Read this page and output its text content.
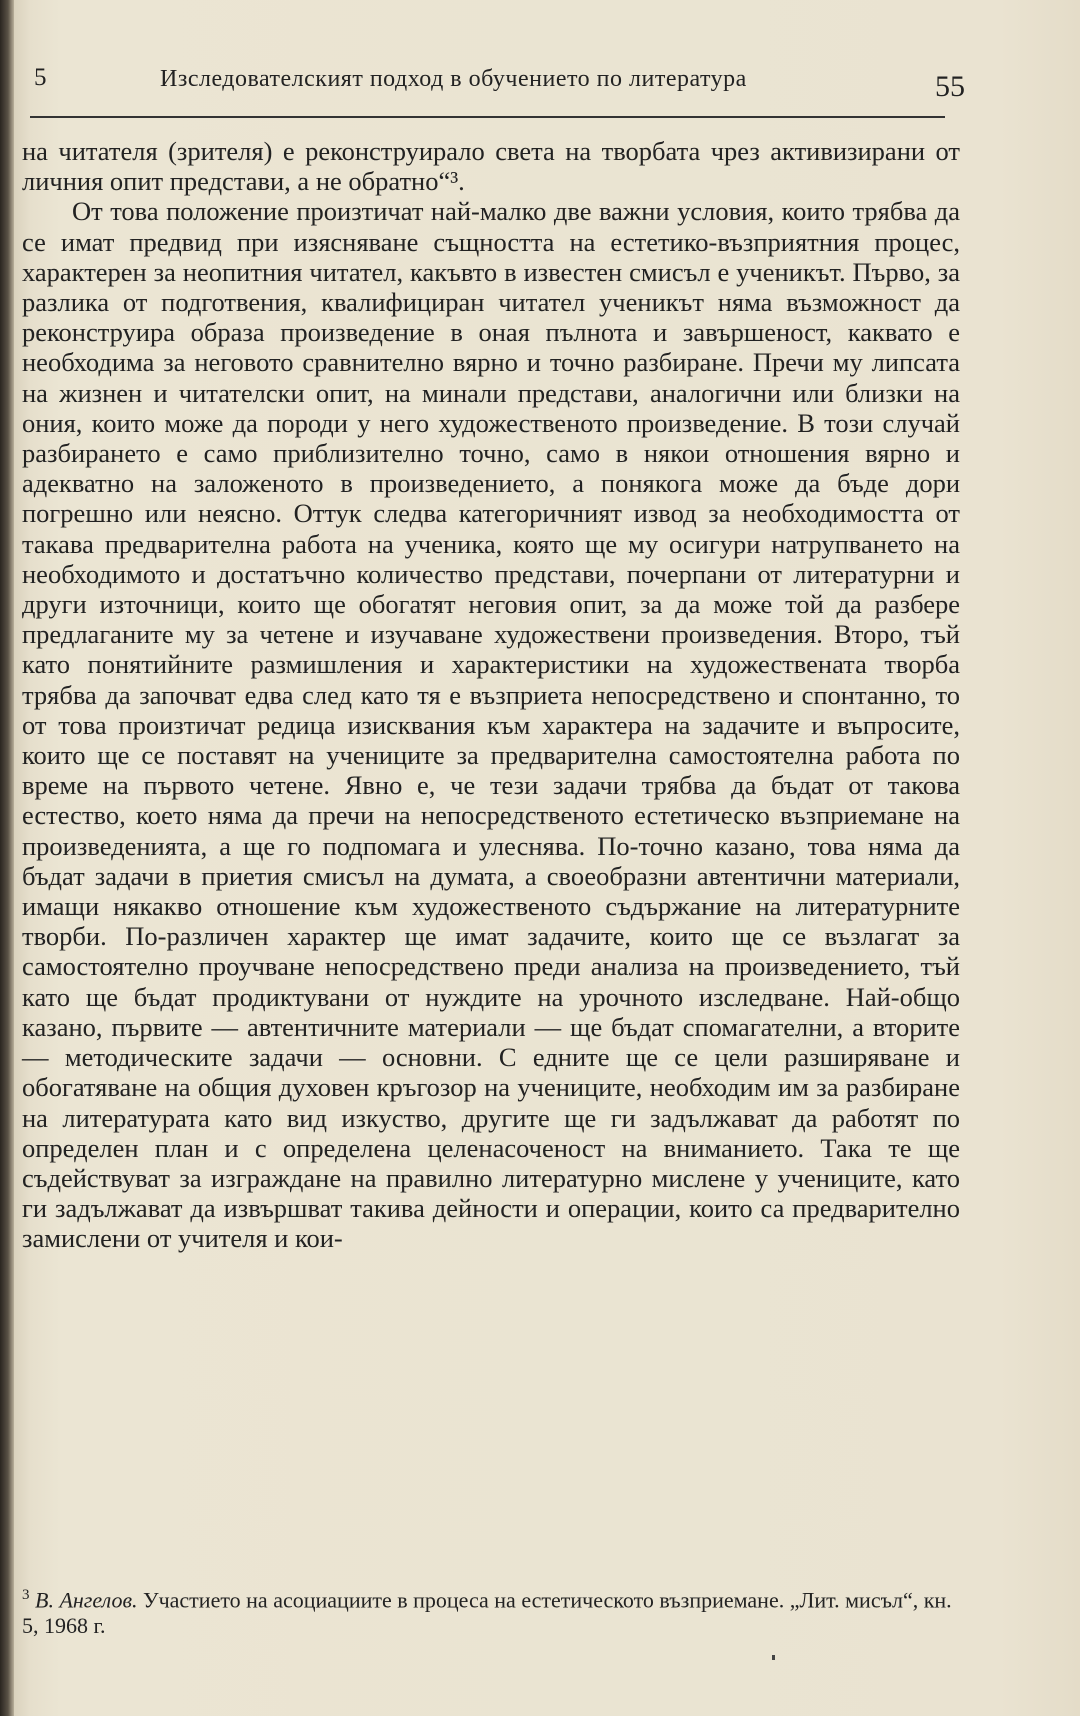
5	Изследователският подход в обучението по литература	55

на читателя (зрителя) е реконструирало света на творбата чрез активизирани от личния опит представи, а не обратно“³.

От това положение произтичат най-малко две важни условия, които трябва да се имат предвид при изясняване същността на естетико-възприятния процес, характерен за неопитния читател, какъвто в известен смисъл е ученикът. Първо, за разлика от подготвения, квалифициран читател ученикът няма възможност да реконструира образа произведение в оная пълнота и завършеност, каквато е необходима за неговото сравнително вярно и точно разбиране. Пречи му липсата на жизнен и читателски опит, на минали представи, аналогични или близки на ония, които може да породи у него художественото произведение. В този случай разбирането е само приблизително точно, само в някои отношения вярно и адекватно на заложеното в произведението, а понякога може да бъде дори погрешно или неясно. Оттук следва категоричният извод за необходимостта от такава предварителна работа на ученика, която ще му осигури натрупването на необходимото и достатъчно количество представи, почерпани от литературни и други източници, които ще обогатят неговия опит, за да може той да разбере предлаганите му за четене и изучаване художествени произведения. Второ, тъй като понятийните размишления и характеристики на художествената творба трябва да започват едва след като тя е възприета непосредствено и спонтанно, то от това произтичат редица изисквания към характера на задачите и въпросите, които ще се поставят на учениците за предварителна самостоятелна работа по време на първото четене. Явно е, че тези задачи трябва да бъдат от такова естество, което няма да пречи на непосредственото естетическо възприемане на произведенията, а ще го подпомага и улеснява. По-точно казано, това няма да бъдат задачи в приетия смисъл на думата, а своеобразни автентични материали, имащи някакво отношение към художественото съдържание на литературните творби. По-различен характер ще имат задачите, които ще се възлагат за самостоятелно проучване непосредствено преди анализа на произведението, тъй като ще бъдат продиктувани от нуждите на урочното изследване. Най-общо казано, първите — автентичните материали — ще бъдат спомагателни, а вторите — методическите задачи — основни. С едните ще се цели разширяване и обогатяване на общия духовен кръгозор на учениците, необходим им за разбиране на литературата като вид изкуство, другите ще ги задължават да работят по определен план и с определена целенасоченост на вниманието. Така те ще съдействуват за изграждане на правилно литературно мислене у учениците, като ги задължават да извършват такива дейности и операции, които са предварително замислени от учителя и кои-

$^3$ В. Ангелов. Участието на асоциациите в процеса на естетическото възприемане. „Лит. мисъл“, кн. 5, 1968 г.
